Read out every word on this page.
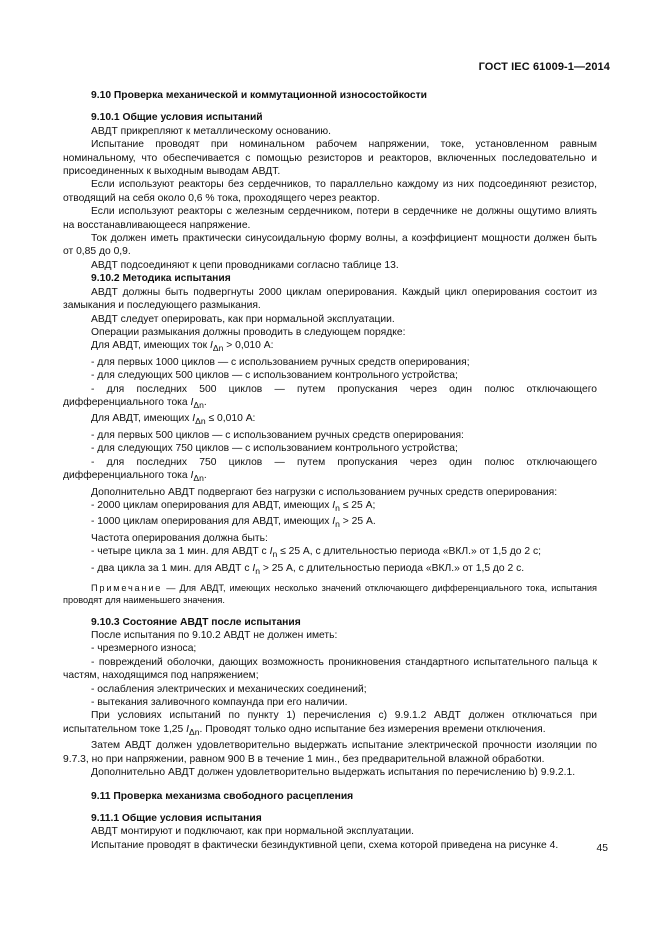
ГОСТ IEC 61009-1—2014

9.10 Проверка механической и коммутационной износостойкости

9.10.1 Общие условия испытаний

АВДТ прикрепляют к металлическому основанию.

Испытание проводят при номинальном рабочем напряжении, токе, установленном равным номинальному, что обеспечивается с помощью резисторов и реакторов, включенных последовательно и присоединенных к выходным выводам АВДТ.

Если используют реакторы без сердечников, то параллельно каждому из них подсоединяют резистор, отводящий на себя около 0,6 % тока, проходящего через реактор.

Если используют реакторы с железным сердечником, потери в сердечнике не должны ощутимо влиять на восстанавливающееся напряжение.

Ток должен иметь практически синусоидальную форму волны, а коэффициент мощности должен быть от 0,85 до 0,9.

АВДТ подсоединяют к цепи проводниками согласно таблице 13.

9.10.2 Методика испытания

АВДТ должны быть подвергнуты 2000 циклам оперирования. Каждый цикл оперирования состоит из замыкания и последующего размыкания.

АВДТ следует оперировать, как при нормальной эксплуатации.

Операции размыкания должны проводить в следующем порядке:

Для АВДТ, имеющих ток $I_{\Delta n} > 0,010$ А:

- для первых 1000 циклов — с использованием ручных средств оперирования;

- для следующих 500 циклов — с использованием контрольного устройства;

- для последних 500 циклов — путем пропускания через один полюс отключающего дифференциального тока $I_{\Delta n}$.

Для АВДТ, имеющих $I_{\Delta n} \le 0,010$ А:

- для первых 500 циклов — с использованием ручных средств оперирования:

- для следующих 750 циклов — с использованием контрольного устройства;

- для последних 750 циклов — путем пропускания через один полюс отключающего дифференциального тока $I_{\Delta n}$.

Дополнительно АВДТ подвергают без нагрузки с использованием ручных средств оперирования:

- 2000 циклам оперирования для АВДТ, имеющих $I_n \le 25$ А;

- 1000 циклам оперирования для АВДТ, имеющих $I_n > 25$ А.

Частота оперирования должна быть:

- четыре цикла за 1 мин. для АВДТ с $I_n \le 25$ А, с длительностью периода «ВКЛ.» от 1,5 до 2 с;

- два цикла за 1 мин. для АВДТ с $I_n > 25$ А, с длительностью периода «ВКЛ.» от 1,5 до 2 с.

Примечание — Для АВДТ, имеющих несколько значений отключающего дифференциального тока, испытания проводят для наименьшего значения.

9.10.3 Состояние АВДТ после испытания

После испытания по 9.10.2 АВДТ не должен иметь:

- чрезмерного износа;

- повреждений оболочки, дающих возможность проникновения стандартного испытательного пальца к частям, находящимся под напряжением;

- ослабления электрических и механических соединений;

- вытекания заливочного компаунда при его наличии.

При условиях испытаний по пункту 1) перечисления с) 9.9.1.2 АВДТ должен отключаться при испытательном токе 1,25 $I_{\Delta n}$. Проводят только одно испытание без измерения времени отключения.

Затем АВДТ должен удовлетворительно выдержать испытание электрической прочности изоляции по 9.7.3, но при напряжении, равном 900 В в течение 1 мин., без предварительной влажной обработки.

Дополнительно АВДТ должен удовлетворительно выдержать испытания по перечислению b) 9.9.2.1.

9.11 Проверка механизма свободного расцепления

9.11.1 Общие условия испытания

АВДТ монтируют и подключают, как при нормальной эксплуатации.

Испытание проводят в фактически безиндуктивной цепи, схема которой приведена на рисунке 4.	45
